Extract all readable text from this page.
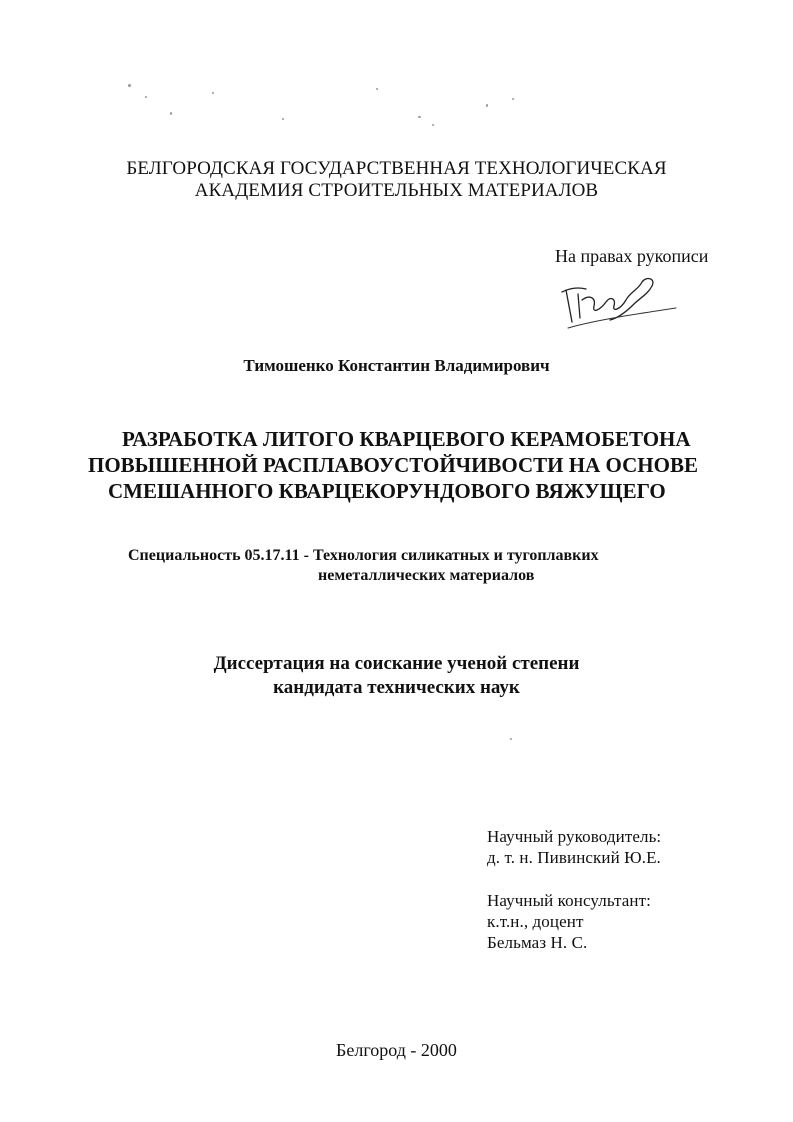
БЕЛГОРОДСКАЯ ГОСУДАРСТВЕННАЯ ТЕХНОЛОГИЧЕСКАЯ
АКАДЕМИЯ СТРОИТЕЛЬНЫХ МАТЕРИАЛОВ
На правах рукописи
Тимошенко Константин Владимирович
РАЗРАБОТКА ЛИТОГО КВАРЦЕВОГО КЕРАМОБЕТОНА
ПОВЫШЕННОЙ РАСПЛАВОУСТОЙЧИВОСТИ НА ОСНОВЕ
СМЕШАННОГО КВАРЦЕКОРУНДОВОГО ВЯЖУЩЕГО
Специальность 05.17.11 - Технология силикатных и тугоплавких
неметаллических материалов
Диссертация на соискание ученой степени
кандидата технических наук
Научный руководитель:
д. т. н. Пивинский Ю.Е.
Научный консультант:
к.т.н., доцент
Бельмаз Н. С.
Белгород - 2000
